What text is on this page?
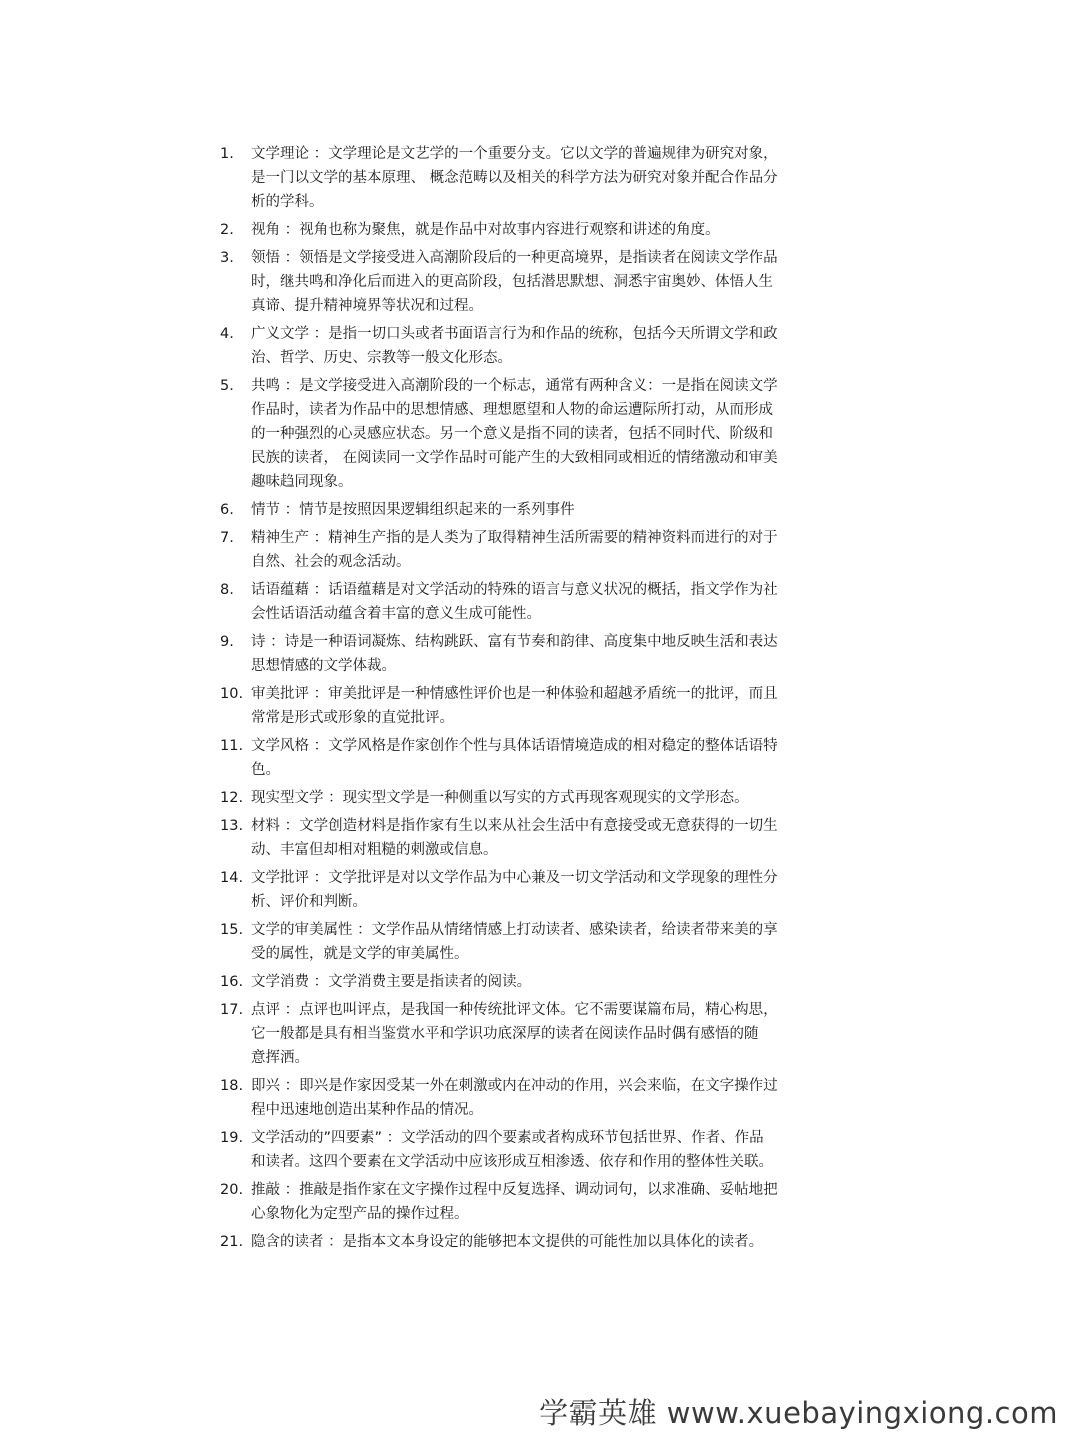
1.	文学理论 ：文学理论是文艺学的一个重要分支。它以文学的普遍规律为研究对象，
是一门以文学的基本原理、 概念范畴以及相关的科学方法为研究对象并配合作品分
析的学科。
2.	视角 ：视角也称为聚焦，就是作品中对故事内容进行观察和讲述的角度。
3.	领悟 ：领悟是文学接受进入高潮阶段后的一种更高境界，是指读者在阅读文学作品
时，继共鸣和净化后而进入的更高阶段，包括潜思默想、洞悉宇宙奥妙、体悟人生
真谛、提升精神境界等状况和过程。
4.	广义文学 ：是指一切口头或者书面语言行为和作品的统称，包括今天所谓文学和政
治、哲学、历史、宗教等一般文化形态。
5.	共鸣 ：是文学接受进入高潮阶段的一个标志，通常有两种含义：一是指在阅读文学
作品时，读者为作品中的思想情感、理想愿望和人物的命运遭际所打动，从而形成
的一种强烈的心灵感应状态。另一个意义是指不同的读者，包括不同时代、阶级和
民族的读者， 在阅读同一文学作品时可能产生的大致相同或相近的情绪激动和审美
趣味趋同现象。
6.	情节 ：情节是按照因果逻辑组织起来的一系列事件
7.	精神生产 ：精神生产指的是人类为了取得精神生活所需要的精神资料而进行的对于
自然、社会的观念活动。
8.	话语蕴藉 ：话语蕴藉是对文学活动的特殊的语言与意义状况的概括，指文学作为社
会性话语活动蕴含着丰富的意义生成可能性。
9.	诗 ：诗是一种语词凝炼、结构跳跃、富有节奏和韵律、高度集中地反映生活和表达
思想情感的文学体裁。
10. 审美批评 ：审美批评是一种情感性评价也是一种体验和超越矛盾统一的批评，而且
常常是形式或形象的直觉批评。
11. 文学风格 ：文学风格是作家创作个性与具体话语情境造成的相对稳定的整体话语特
色。
12. 现实型文学 ：现实型文学是一种侧重以写实的方式再现客观现实的文学形态。
13. 材料 ：文学创造材料是指作家有生以来从社会生活中有意接受或无意获得的一切生
动、丰富但却相对粗糙的刺激或信息。
14. 文学批评 ：文学批评是对以文学作品为中心兼及一切文学活动和文学现象的理性分
析、评价和判断。
15. 文学的审美属性 ：文学作品从情绪情感上打动读者、感染读者，给读者带来美的享
受的属性，就是文学的审美属性。
16. 文学消费 ：文学消费主要是指读者的阅读。
17. 点评 ：点评也叫评点，是我国一种传统批评文体。它不需要谋篇布局，精心构思，
它一般都是具有相当鉴赏水平和学识功底深厚的读者在阅读作品时偶有感悟的随
意挥洒。
18. 即兴 ：即兴是作家因受某一外在刺激或内在冲动的作用，兴会来临，在文字操作过
程中迅速地创造出某种作品的情况。
19. 文学活动的”四要素” ：文学活动的四个要素或者构成环节包括世界、作者、作品
和读者。这四个要素在文学活动中应该形成互相渗透、依存和作用的整体性关联。
20. 推敲 ：推敲是指作家在文字操作过程中反复选择、调动词句，以求准确、妥帖地把
心象物化为定型产品的操作过程。
21. 隐含的读者 ：是指本文本身设定的能够把本文提供的可能性加以具体化的读者。
学霸英雄 www.xuebayingxiong.com
